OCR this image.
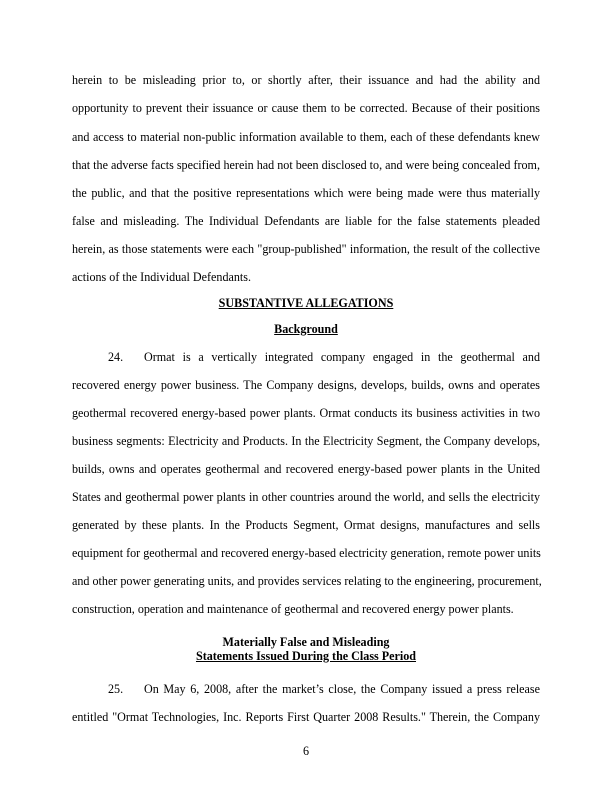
herein to be misleading prior to, or shortly after, their issuance and had the ability and
opportunity to prevent their issuance or cause them to be corrected. Because of their positions
and access to material non-public information available to them, each of these defendants knew
that the adverse facts specified herein had not been disclosed to, and were being concealed from,
the public, and that the positive representations which were being made were thus materially
false and misleading. The Individual Defendants are liable for the false statements pleaded
herein, as those statements were each "group-published" information, the result of the collective
actions of the Individual Defendants.
SUBSTANTIVE ALLEGATIONS
Background
24. Ormat is a vertically integrated company engaged in the geothermal and
recovered energy power business. The Company designs, develops, builds, owns and operates
geothermal recovered energy-based power plants. Ormat conducts its business activities in two
business segments: Electricity and Products. In the Electricity Segment, the Company develops,
builds, owns and operates geothermal and recovered energy-based power plants in the United
States and geothermal power plants in other countries around the world, and sells the electricity
generated by these plants. In the Products Segment, Ormat designs, manufactures and sells
equipment for geothermal and recovered energy-based electricity generation, remote power units
and other power generating units, and provides services relating to the engineering, procurement,
construction, operation and maintenance of geothermal and recovered energy power plants.
Materially False and Misleading
Statements Issued During the Class Period
25. On May 6, 2008, after the market’s close, the Company issued a press release
entitled "Ormat Technologies, Inc. Reports First Quarter 2008 Results." Therein, the Company
6
